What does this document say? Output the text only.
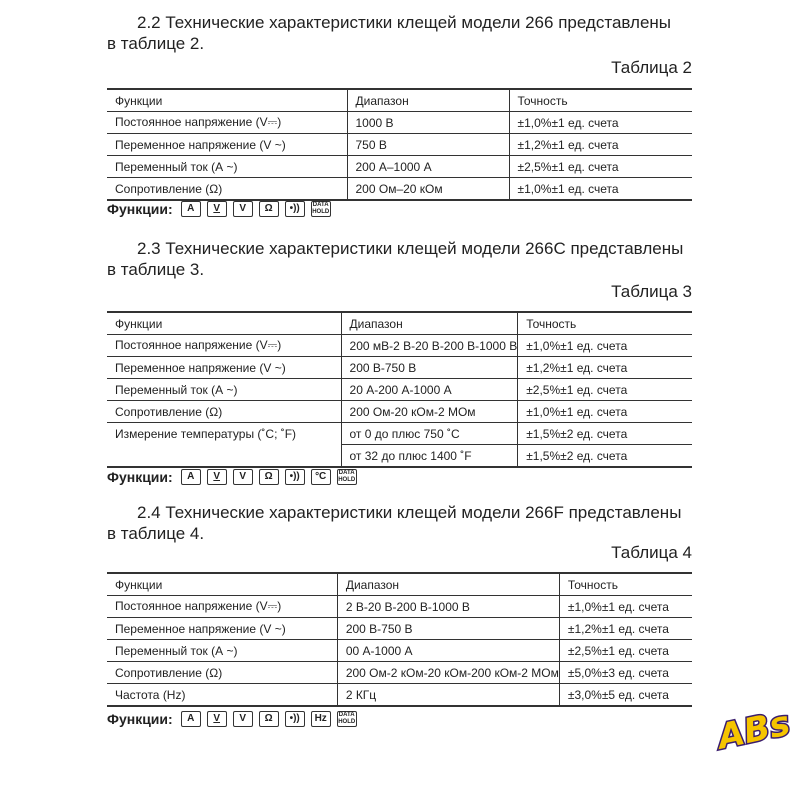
2.2 Технические характеристики клещей модели 266 представлены
в таблице 2.
Таблица 2
Функции	Диапазон	Точность
Постоянное напряжение (V⎓)	1000 В	±1,0%±1 ед. счета
Переменное напряжение (V ~)	750 В	±1,2%±1 ед. счета
Переменный ток (А ~)	200 А–1000 А	±2,5%±1 ед. счета
Сопротивление (Ω)	200 Ом–20 кОм	±1,0%±1 ед. счета
Функции:	A	V	V	Ω	•))	DATA HOLD
2.3 Технические характеристики клещей модели 266С представлены
в таблице 3.
Таблица 3
Функции	Диапазон	Точность
Постоянное напряжение (V⎓)	200 мВ-2 В-20 В-200 В-1000 В	±1,0%±1 ед. счета
Переменное напряжение (V ~)	200 В-750 В	±1,2%±1 ед. счета
Переменный ток (А ~)	20 А-200 А-1000 А	±2,5%±1 ед. счета
Сопротивление (Ω)	200 Ом-20 кОм-2 МОм	±1,0%±1 ед. счета
Измерение температуры (˚С; ˚F)	от 0 до плюс 750 ˚С	±1,5%±2 ед. счета
	от 32 до плюс 1400 ˚F	±1,5%±2 ед. счета
Функции:	A	V	V	Ω	•))	°C	DATA HOLD
2.4 Технические характеристики клещей модели 266F представлены
в таблице 4.
Таблица 4
Функции	Диапазон	Точность
Постоянное напряжение (V⎓)	2 В-20 В-200 В-1000 В	±1,0%±1 ед. счета
Переменное напряжение (V ~)	200 В-750 В	±1,2%±1 ед. счета
Переменный ток (А ~)	00 А-1000 А	±2,5%±1 ед. счета
Сопротивление (Ω)	200 Ом-2 кОм-20 кОм-200 кОм-2 МОм	±5,0%±3 ед. счета
Частота (Hz)	2 КГц	±3,0%±5 ед. счета
Функции:	A	V	V	Ω	•))	Hz	DATA HOLD	ABs
